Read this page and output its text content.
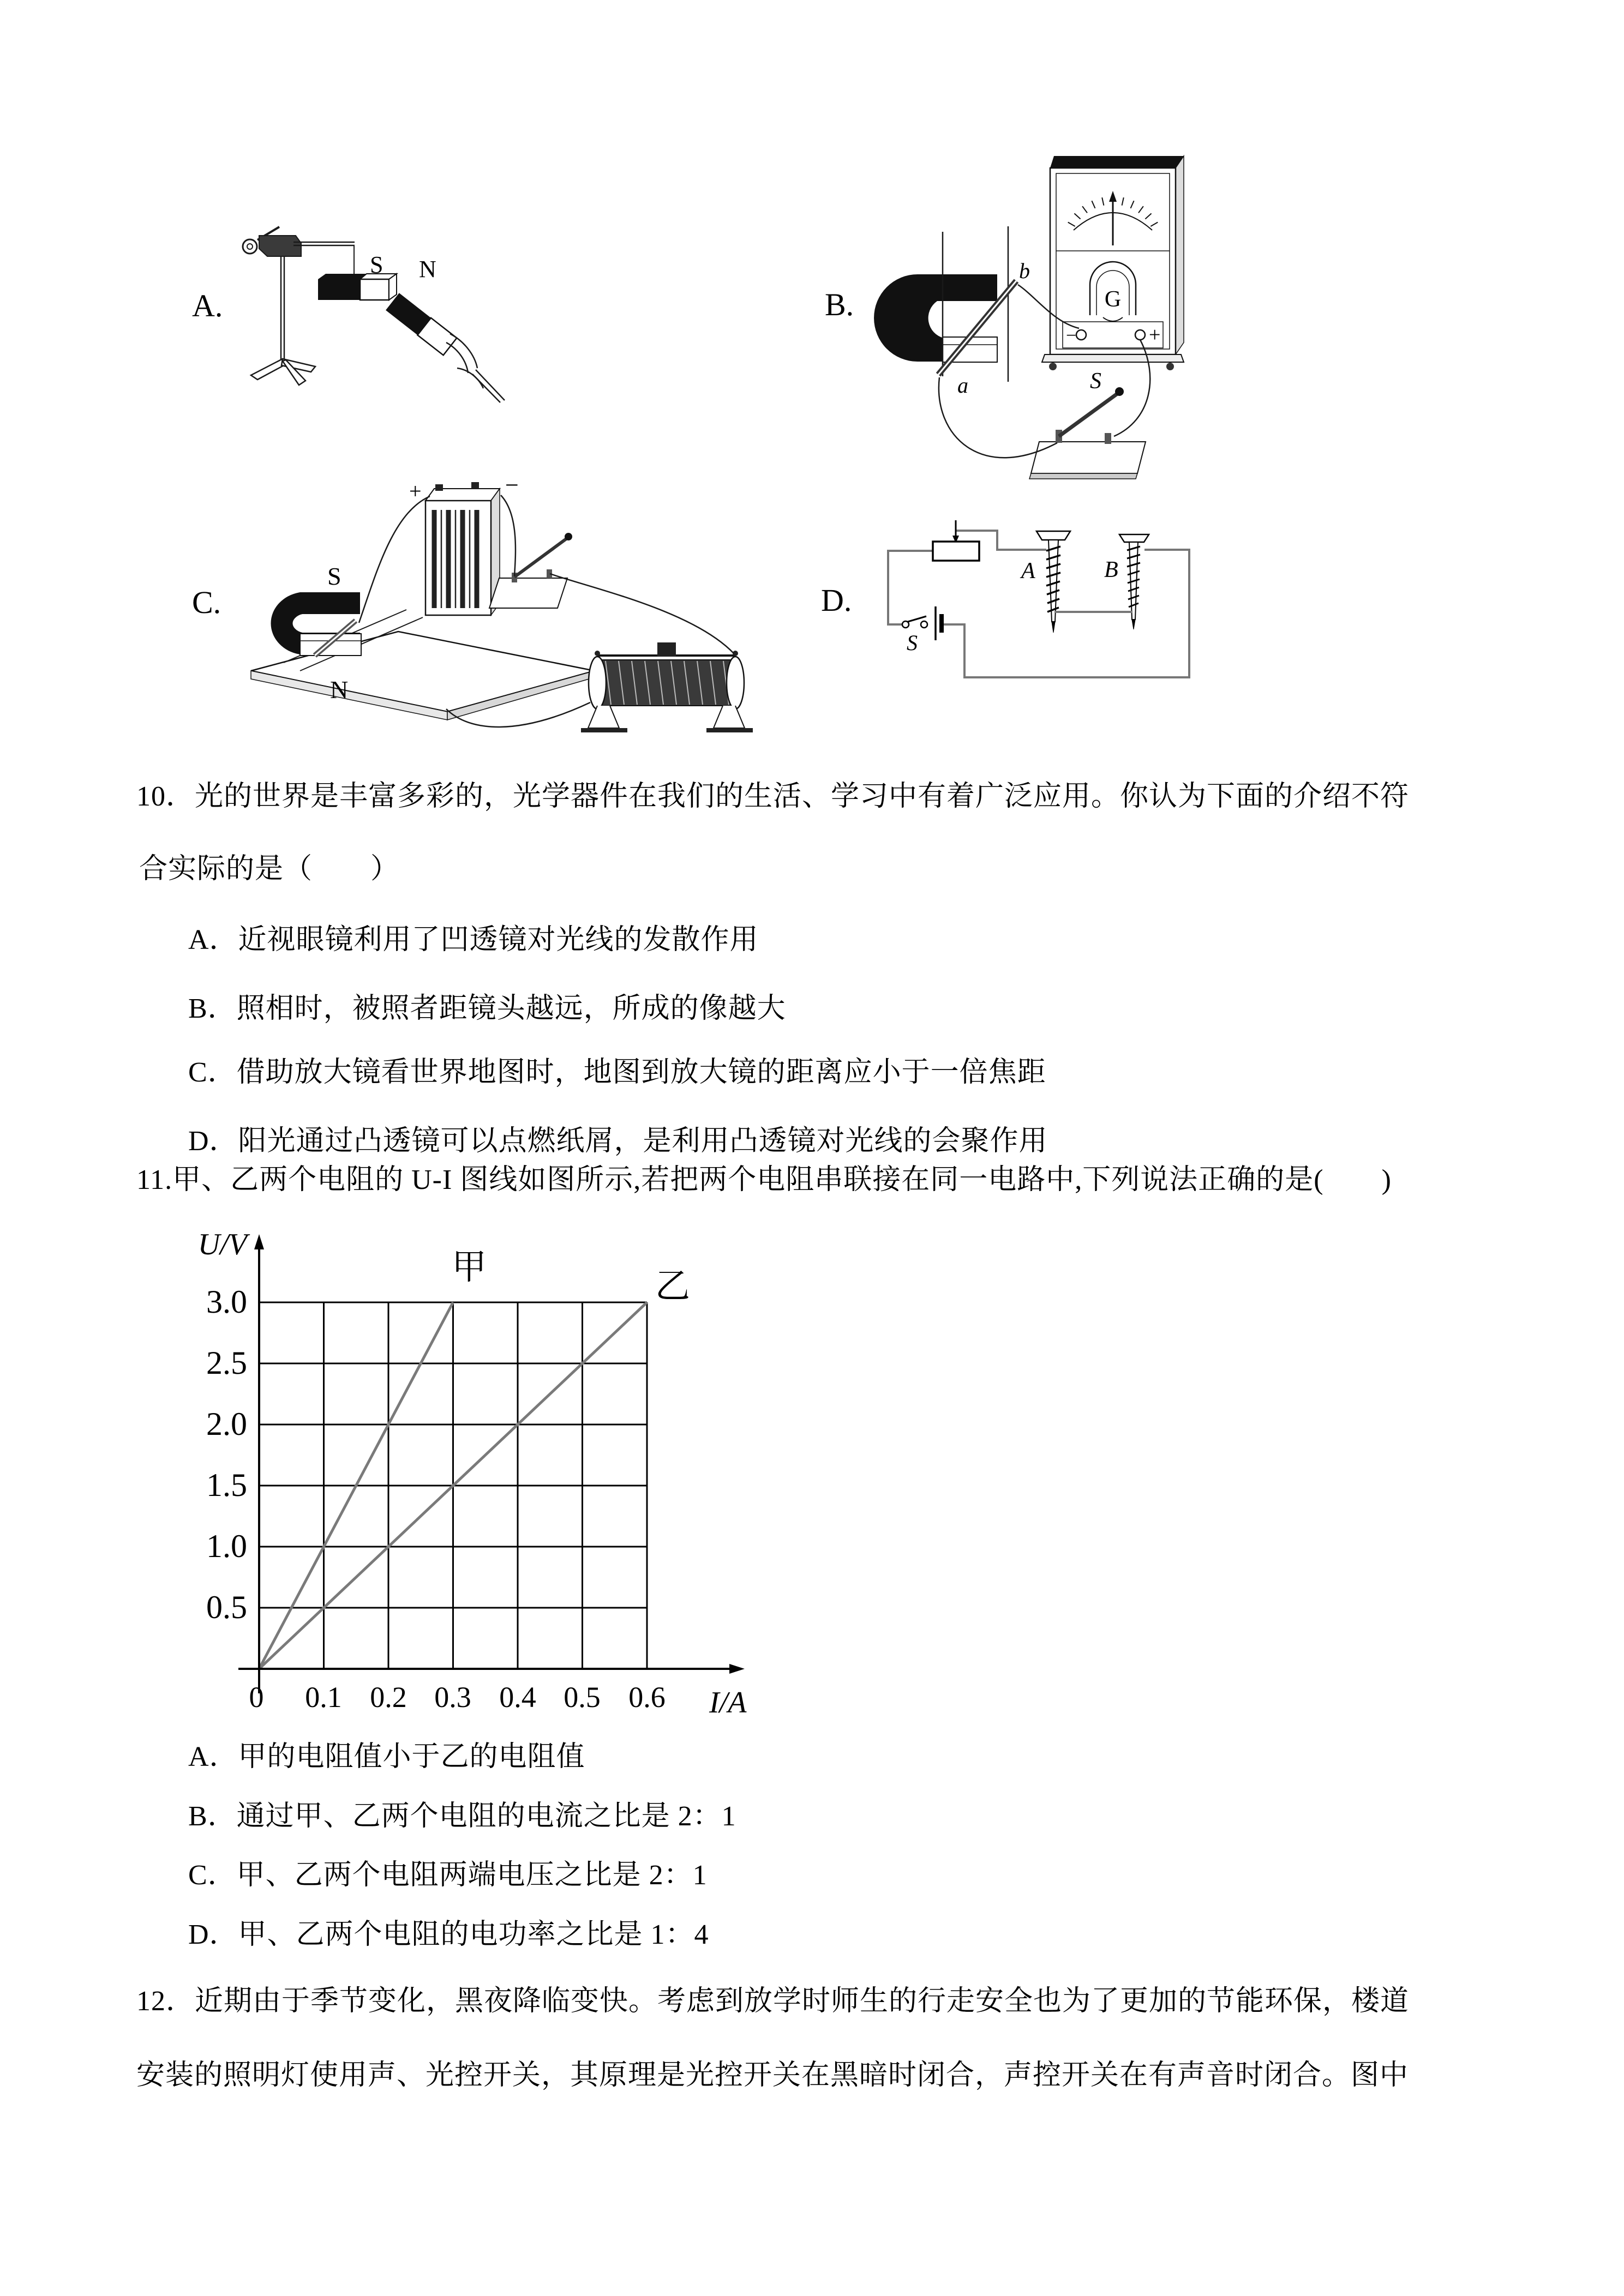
A.	B.
C.	D.
S N
G
−	+
b
a	S
S
N
+	−
S
A	B
10．光的世界是丰富多彩的，光学器件在我们的生活、学习中有着广泛应用。你认为下面的介绍不符
合实际的是（　　）
A．近视眼镜利用了凹透镜对光线的发散作用
B．照相时，被照者距镜头越远，所成的像越大
C．借助放大镜看世界地图时，地图到放大镜的距离应小于一倍焦距
D．阳光通过凸透镜可以点燃纸屑，是利用凸透镜对光线的会聚作用
11.甲、乙两个电阻的 U-I 图线如图所示,若把两个电阻串联接在同一电路中,下列说法正确的是(　　)
U/V
I/A
甲	乙
3.0
2.5
2.0
1.5
1.0
0.5
0 0.1 0.2 0.3 0.4 0.5 0.6
A．甲的电阻值小于乙的电阻值
B．通过甲、乙两个电阻的电流之比是 2：1
C．甲、乙两个电阻两端电压之比是 2：1
D．甲、乙两个电阻的电功率之比是 1：4
12．近期由于季节变化，黑夜降临变快。考虑到放学时师生的行走安全也为了更加的节能环保，楼道
安装的照明灯使用声、光控开关，其原理是光控开关在黑暗时闭合，声控开关在有声音时闭合。图中
